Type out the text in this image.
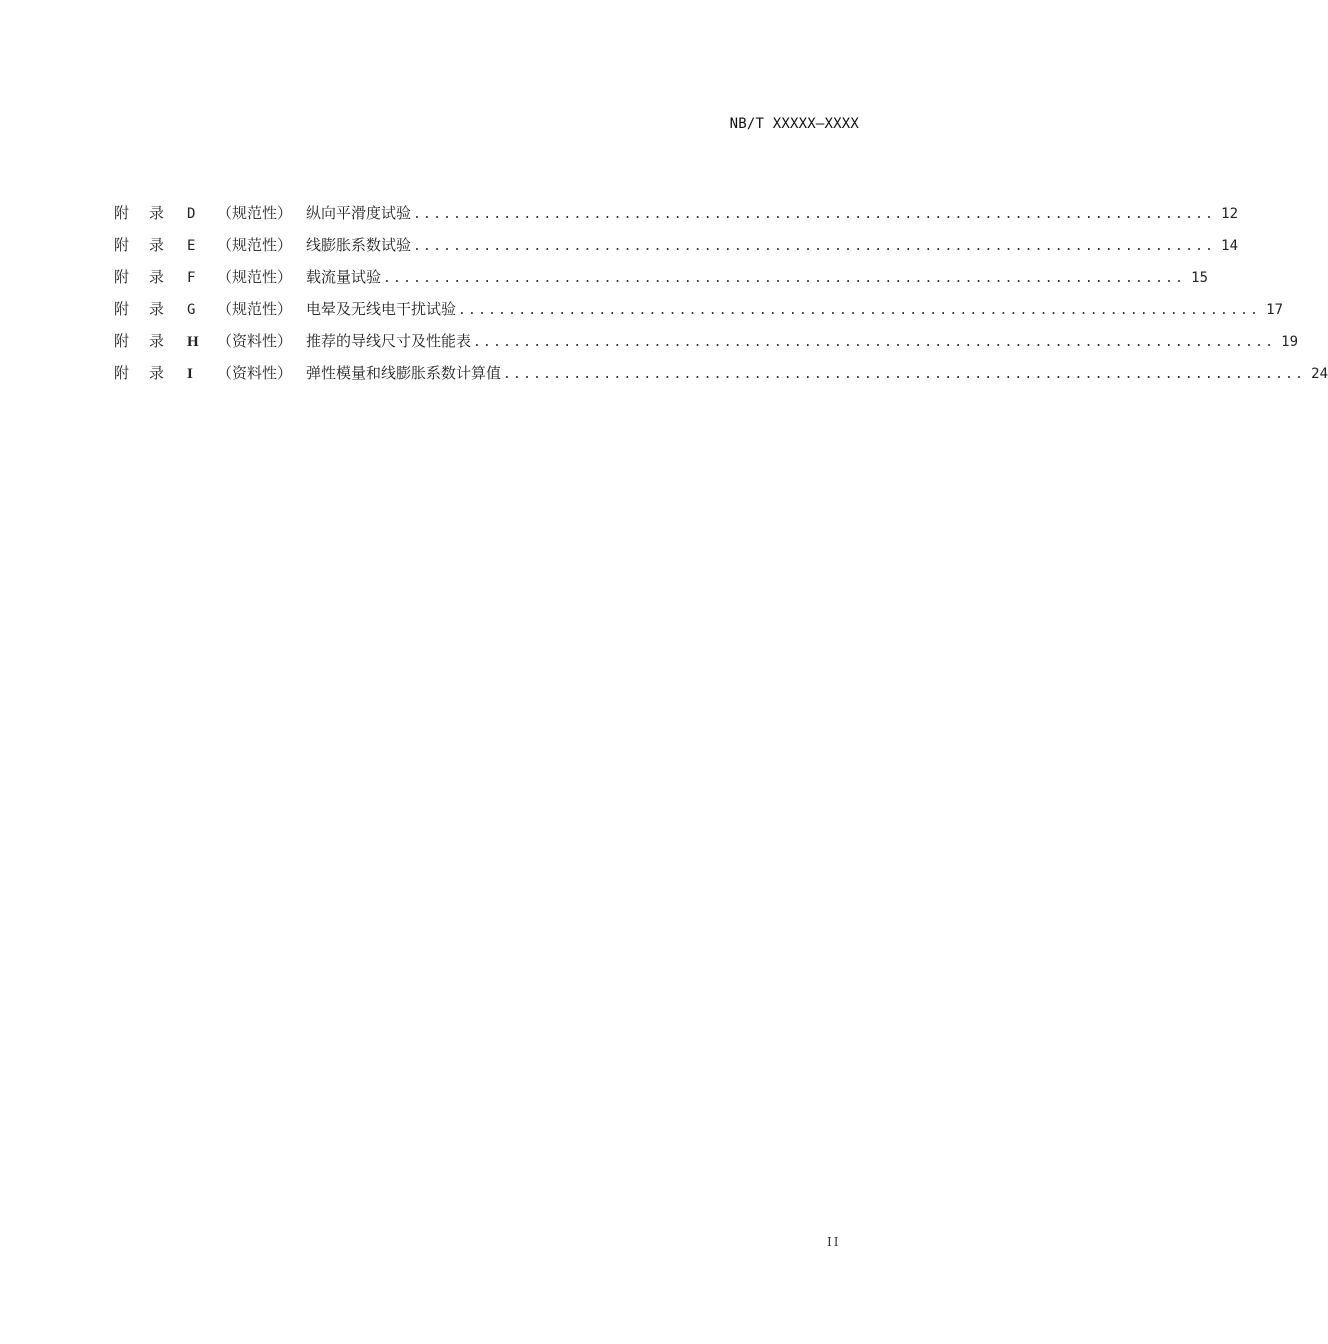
NB/T XXXXX—XXXX
附	录	D	（规范性） 纵向平滑度试验 ................................................................................ 12
附	录	E	（规范性） 线膨胀系数试验 ................................................................................ 14
附	录	F	（规范性） 载流量试验 ................................................................................ 15
附	录	G	（规范性） 电晕及无线电干扰试验 ................................................................................ 17
附	录	H	（资料性） 推荐的导线尺寸及性能表 ................................................................................ 19
附	录	I	（资料性） 弹性模量和线膨胀系数计算值 ................................................................................ 24
II
